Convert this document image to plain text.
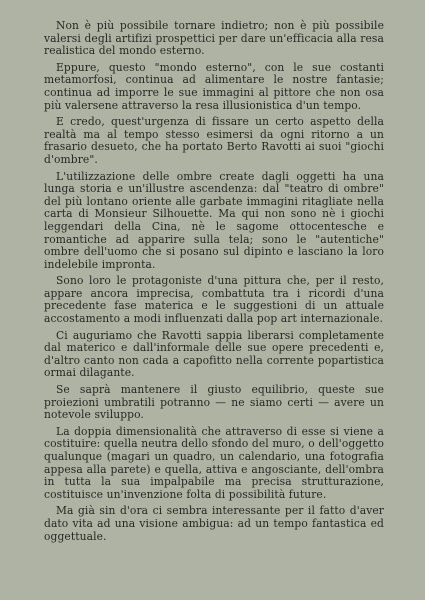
Non è più possibile tornare indietro; non è più possibile valersi degli artifizi prospettici per dare un'efficacia alla resa realistica del mondo esterno.

Eppure, questo "mondo esterno", con le sue costanti metamorfosi, continua ad alimentare le nostre fantasie; continua ad imporre le sue immagini al pittore che non osa più valersene attraverso la resa illusionistica d'un tempo.

E credo, quest'urgenza di fissare un certo aspetto della realtà ma al tempo stesso esimersi da ogni ritorno a un frasario desueto, che ha portato Berto Ravotti ai suoi "giochi d'ombre".

L'utilizzazione delle ombre create dagli oggetti ha una lunga storia e un'illustre ascendenza: dal "teatro di ombre" del più lontano oriente alle garbate immagini ritagliate nella carta di Monsieur Silhouette. Ma qui non sono nè i giochi leggendari della Cina, nè le sagome ottocentesche e romantiche ad apparire sulla tela; sono le "autentiche" ombre dell'uomo che si posano sul dipinto e lasciano la loro indelebile impronta.

Sono loro le protagoniste d'una pittura che, per il resto, appare ancora imprecisa, combattuta tra i ricordi d'una precedente fase materica e le suggestioni di un attuale accostamento a modi influenzati dalla pop art internazionale.

Ci auguriamo che Ravotti sappia liberarsi completamente dal materico e dall'informale delle sue opere precedenti e, d'altro canto non cada a capofitto nella corrente popartistica ormai dilagante.

Se saprà mantenere il giusto equilibrio, queste sue proiezioni umbratili potranno — ne siamo certi — avere un notevole sviluppo.

La doppia dimensionalità che attraverso di esse si viene a costituire: quella neutra dello sfondo del muro, o dell'oggetto qualunque (magari un quadro, un calendario, una fotografia appesa alla parete) e quella, attiva e angosciante, dell'ombra in tutta la sua impalpabile ma precisa strutturazione, costituisce un'invenzione folta di possibilità future.

Ma già sin d'ora ci sembra interessante per il fatto d'aver dato vita ad una visione ambigua: ad un tempo fantastica ed oggettuale.
